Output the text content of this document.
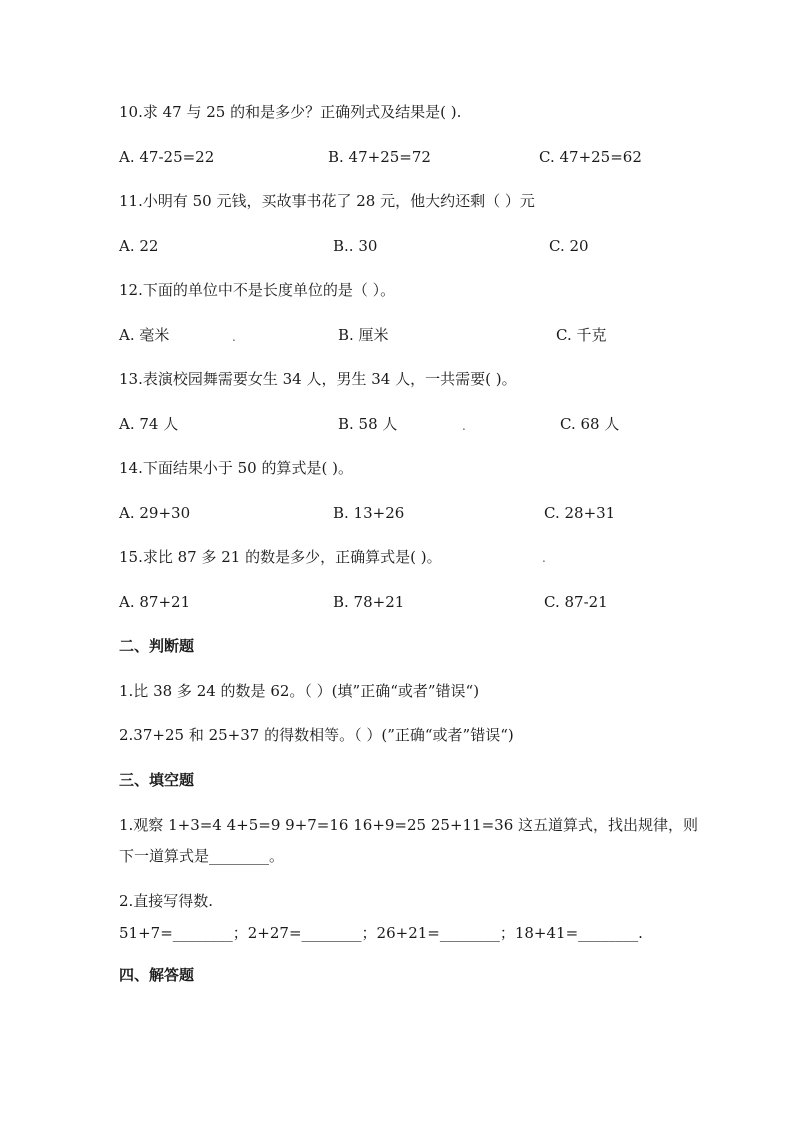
10.求 47 与 25 的和是多少？正确列式及结果是( ).
A. 47-25=22	B. 47+25=72	C. 47+25=62
11.小明有 50 元钱，买故事书花了 28 元，他大约还剩（ ）元
A. 22	B.. 30	C. 20
12.下面的单位中不是长度单位的是（ ）。
A. 毫米	B. 厘米	C. 千克
.
13.表演校园舞需要女生 34 人，男生 34 人，一共需要( )。
A. 74 人	B. 58 人	C. 68 人
.
14.下面结果小于 50 的算式是( )。
A. 29+30	B. 13+26	C. 28+31
15.求比 87 多 21 的数是多少，正确算式是( )。	.
A. 87+21	B. 78+21	C. 87-21
二、判断题
1.比 38 多 24 的数是 62。（ ）(填”正确“或者”错误“)
2.37+25 和 25+37 的得数相等。（ ）(”正确“或者”错误“)
三、填空题
1.观察 1+3=4 4+5=9 9+7=16 16+9=25 25+11=36 这五道算式，找出规律，则
下一道算式是________。
2.直接写得数.
51+7=________；2+27=________；26+21=________；18+41=________.
四、解答题
